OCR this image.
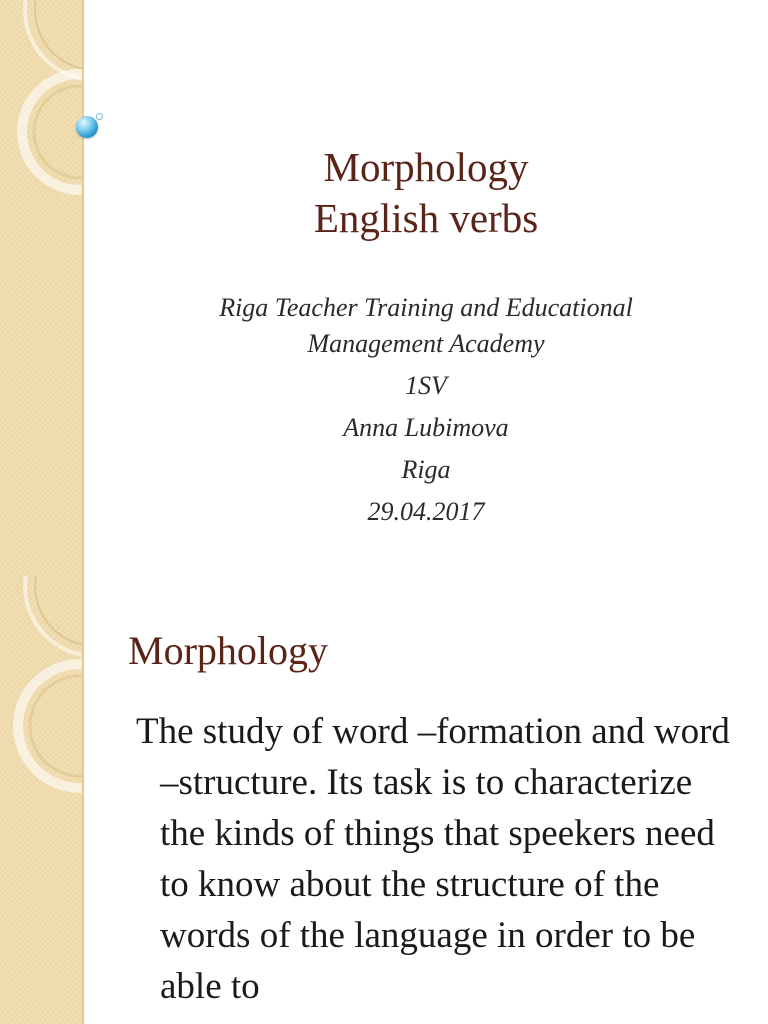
Morphology
English verbs
Riga Teacher Training and Educational
Management Academy
1SV
Anna Lubimova
Riga
29.04.2017
Morphology

The study of word –formation and word –structure. Its task is to characterize the kinds of things that speekers need to know about the structure of the words of the language in order to be able to
